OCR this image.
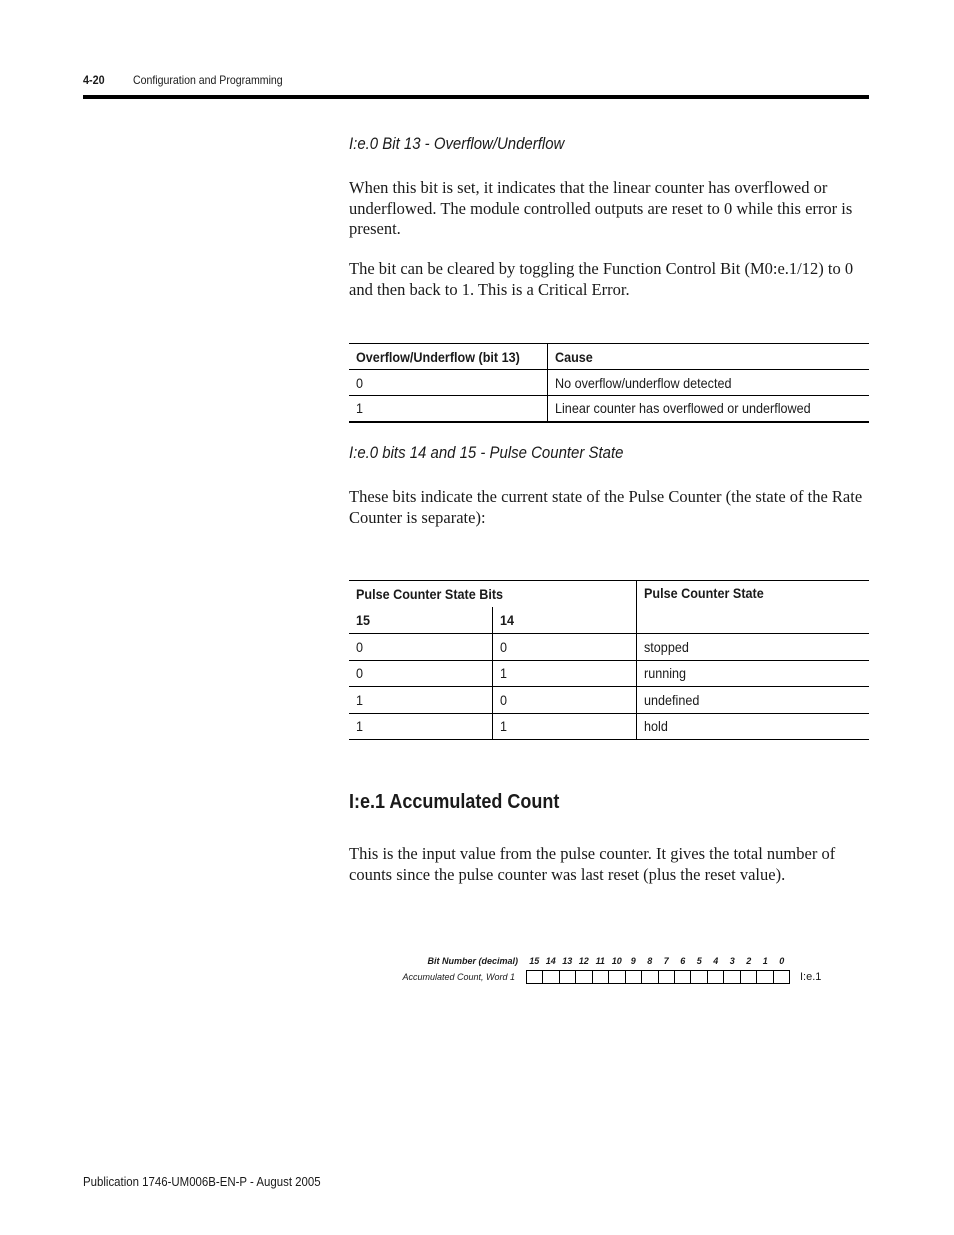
4-20 Configuration and Programming
I:e.0 Bit 13 - Overflow/Underflow

When this bit is set, it indicates that the linear counter has overflowed or underflowed. The module controlled outputs are reset to 0 while this error is present.

The bit can be cleared by toggling the Function Control Bit (M0:e.1/12) to 0 and then back to 1. This is a Critical Error.

Overflow/Underflow (bit 13)	Cause
0	No overflow/underflow detected
1	Linear counter has overflowed or underflowed
I:e.0 bits 14 and 15 - Pulse Counter State

These bits indicate the current state of the Pulse Counter (the state of the Rate Counter is separate):

Pulse Counter State Bits		Pulse Counter State
15	14	
0	0	stopped
0	1	running
1	0	undefined
1	1	hold
I:e.1 Accumulated Count

This is the input value from the pulse counter. It gives the total number of counts since the pulse counter was last reset (plus the reset value).

Bit Number (decimal)
Accumulated Count, Word 1
15 14 13 12 11 10 9 8 7 6 5 4 3 2 1 0
I:e.1
Publication 1746-UM006B-EN-P - August 2005
